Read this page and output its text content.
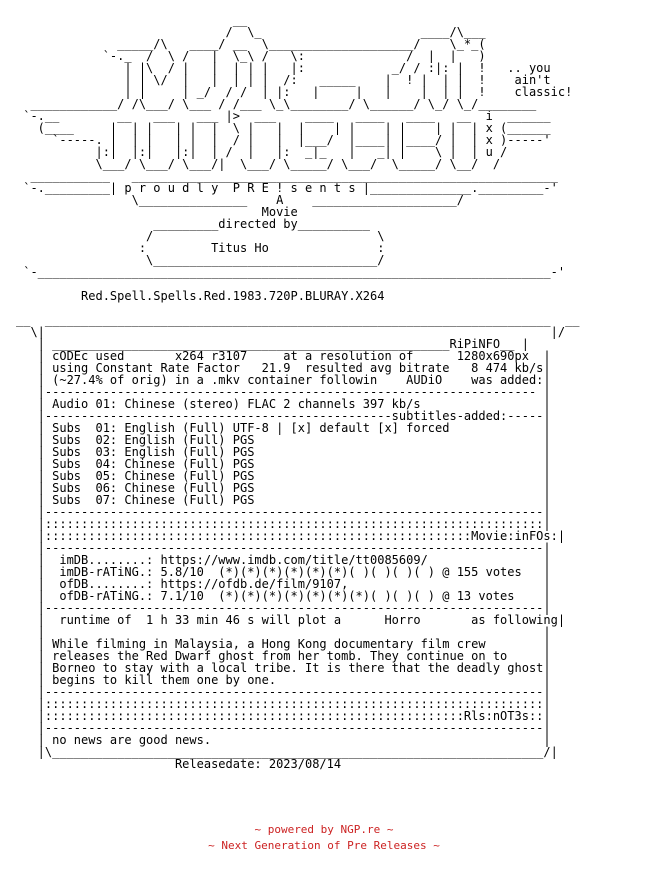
__
/  \_                      ____/\___
_____/\   ____/ __  \____________________/    \_*_(
`-._  /  \ /   |  \_\ /   \:              /  |  |   )
| |\  / |   |  | | |   |:            _/ / :|: |  !   .. you
| | \/  |   |  | | |  /:   _____    |  ! |  | |  !    ain't
| |     | _/  / /  | |:   |     |   |    |  | |  !    classic!
____________/ /\___/ \___ / /___ \_\________/ \______/ \_/ \_/________
`-.__        __   ___   ___ |>  ___    ____   ____   ____   __  i  ______
(____     |  | |   | |  |  \ |   |  |    | |    | |    | |  | x (______
`-----. |  | |   | |  |  / |   |  |___/  |____| |____/ |  | x )-----'
|:|  |:|   |:|  | /  |   |:  _|_   |   _| |    \ |  | u /
\___/ \___/ \___/|  \___/ \_____/ \___/  \_____/ \__/  /
___________   ___________________________________________________________
`-._________| p r o u d l y  P R E ! s e n t s |______________._________-'
\_______________    A    ____________________/
Movie
_________directed by__________
/                               \
:         Titus Ho               :
\_______________________________/
`-_______________________________________________________________________-'

Red.Spell.Spells.Red.1983.720P.BLURAY.X264

__  ______________________________________________________________________  __
\|                                                                      |/
| _______________________________________________________RiPiNFO__ |
| cODEc used       x264 r3107     at a resolution of      1280x690px  |
| using Constant Rate Factor   21.9  resulted avg bitrate   8 474 kb/s|
| (~27.4% of orig) in a .mkv container followin    AUDiO    was added:|
|-------------------------------------------------------------------- |
| Audio 01: Chinese (stereo) FLAC 2 channels 397 kb/s                 |
|------------------------------------------------subtitles-added:-----|
| Subs  01: English (Full) UTF-8 | [x] default [x] forced             |
| Subs  02: English (Full) PGS                                        |
| Subs  03: English (Full) PGS                                        |
| Subs  04: Chinese (Full) PGS                                        |
| Subs  05: Chinese (Full) PGS                                        |
| Subs  06: Chinese (Full) PGS                                        |
| Subs  07: Chinese (Full) PGS                                        |
|---------------------------------------------------------------------|
|:::::::::::::::::::::::::::::::::::::::::::::::::::::::::::::::::::::|
|:::::::::::::::::::::::::::::::::::::::::::::::::::::::::::Movie:inFOs:|
|---------------------------------------------------------------------|
|  imDB........: https://www.imdb.com/title/tt0085609/                |
|  imDB-rATiNG.: 5.8/10  (*)(*)(*)(*)(*)(*)( )( )( )( ) @ 155 votes   |
|  ofDB........: https://ofdb.de/film/9107,                           |
|  ofDB-rATiNG.: 7.1/10  (*)(*)(*)(*)(*)(*)(*)( )( )( ) @ 13 votes    |
|---------------------------------------------------------------------|
|  runtime of  1 h 33 min 46 s will plot a      Horro       as following|
|                                                                     |
| While filming in Malaysia, a Hong Kong documentary film crew        |
| releases the Red Dwarf ghost from her tomb. They continue on to     |
| Borneo to stay with a local tribe. It is there that the deadly ghost|
| begins to kill them one by one.                                     |
|---------------------------------------------------------------------|
|:::::::::::::::::::::::::::::::::::::::::::::::::::::::::::::::::::::|
|::::::::::::::::::::::::::::::::::::::::::::::::::::::::::Rls:nOT3s::|
|---------------------------------------------------------------------|
| no news are good news.                                              |
|\____________________________________________________________________/|
Releasedate: 2023/08/14
~ powered by NGP.re ~
~ Next Generation of Pre Releases ~
